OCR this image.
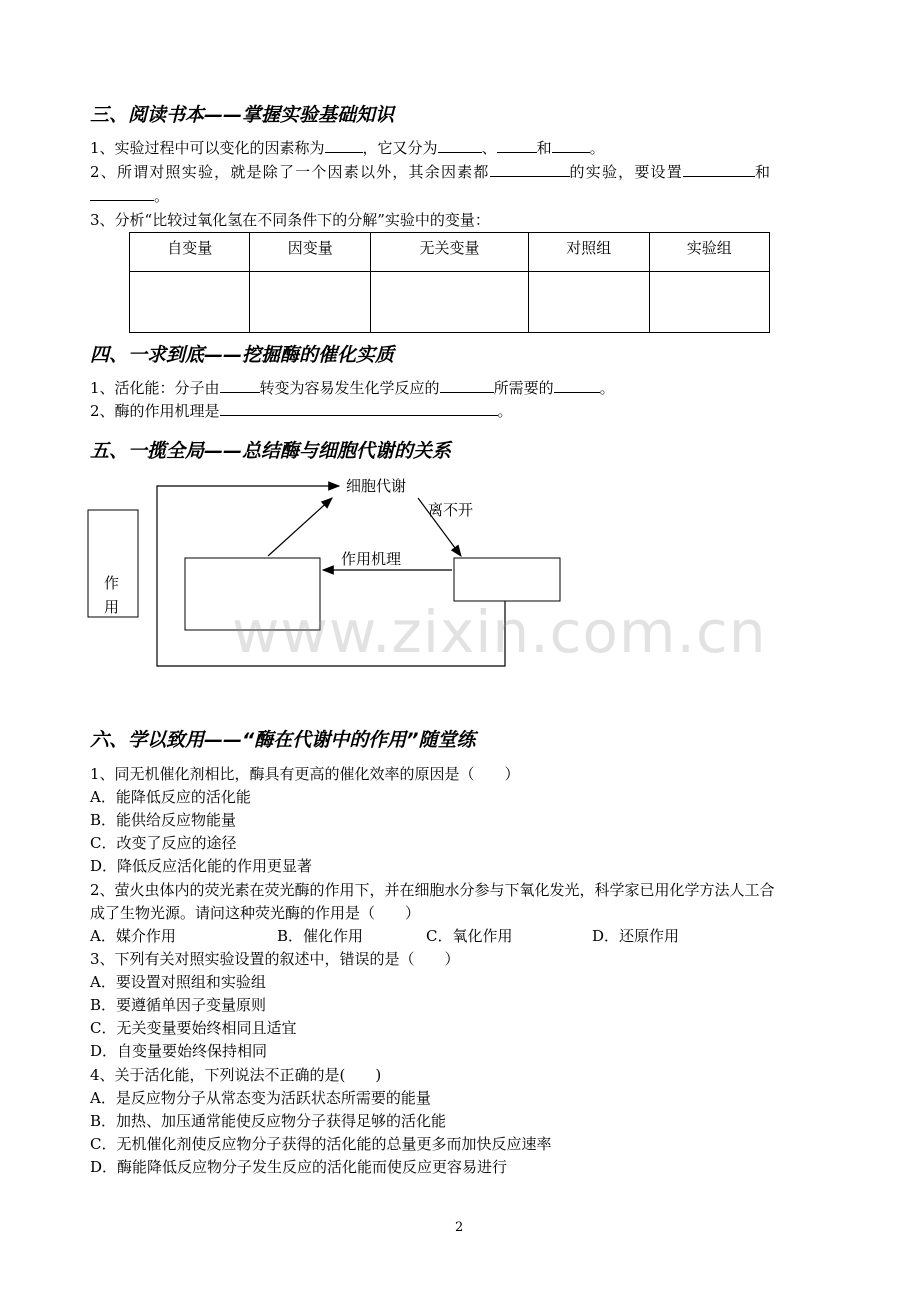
三、阅读书本——掌握实验基础知识
1、实验过程中可以变化的因素称为	，它又分为	、	和	。
2、所谓对照实验，就是除了一个因素以外，其余因素都	的实验，要设置	和
。
3、分析“比较过氧化氢在不同条件下的分解”实验中的变量：
自变量	因变量	无关变量	对照组	实验组

四、一求到底——挖掘酶的催化实质
1、活化能：分子由	转变为容易发生化学反应的	所需要的	。
2、酶的作用机理是	。
五、一揽全局——总结酶与细胞代谢的关系
作
用
细胞代谢
离不开
作用机理
www.zixin.com.cn
六、学以致用——“酶在代谢中的作用”随堂练
1、同无机催化剂相比，酶具有更高的催化效率的原因是（　　）
A．能降低反应的活化能
B．能供给反应物能量
C．改变了反应的途径
D．降低反应活化能的作用更显著
2、萤火虫体内的荧光素在荧光酶的作用下，并在细胞水分参与下氧化发光，科学家已用化学方法人工合
成了生物光源。请问这种荧光酶的作用是（　　）
A．媒介作用	B．催化作用	C．氧化作用	D．还原作用
3、下列有关对照实验设置的叙述中，错误的是（　　）
A．要设置对照组和实验组
B．要遵循单因子变量原则
C．无关变量要始终相同且适宜
D．自变量要始终保持相同
4、关于活化能，下列说法不正确的是(　　)
A．是反应物分子从常态变为活跃状态所需要的能量
B．加热、加压通常能使反应物分子获得足够的活化能
C．无机催化剂使反应物分子获得的活化能的总量更多而加快反应速率
D．酶能降低反应物分子发生反应的活化能而使反应更容易进行
2
